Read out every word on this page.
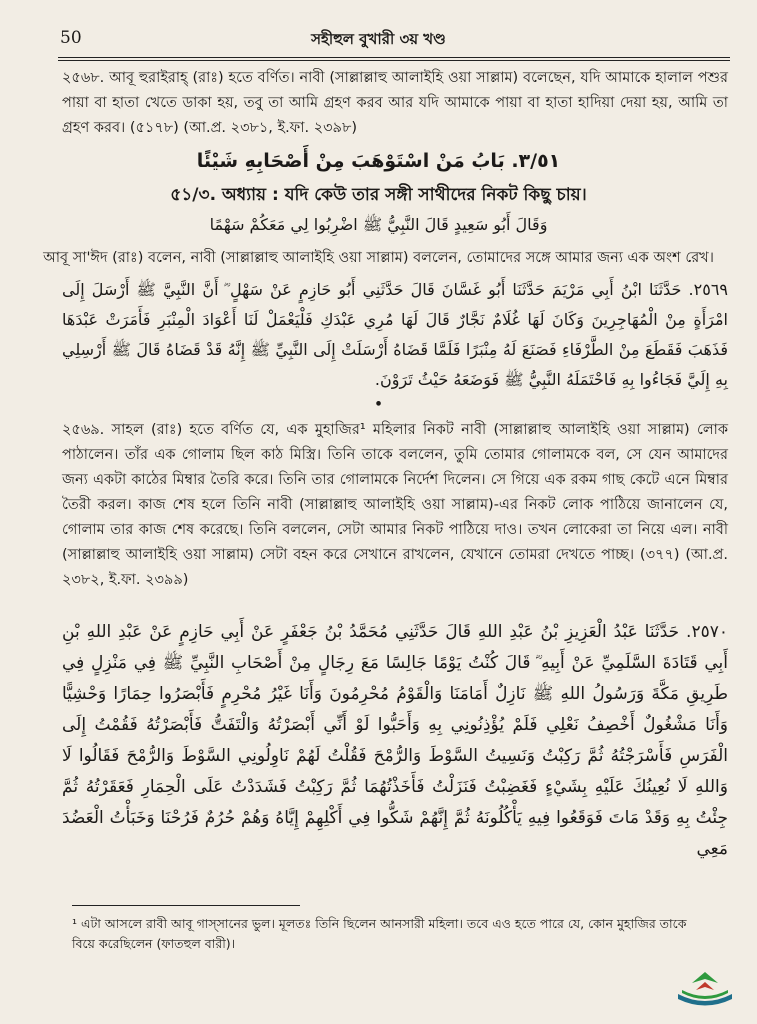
50	সহীহুল বুখারী ৩য় খণ্ড
২৫৬৮. আবূ হুরাইরাহ্ (রাঃ) হতে বর্ণিত। নাবী (সাল্লাল্লাহু আলাইহি ওয়া সাল্লাম) বলেছেন, যদি আমাকে হালাল পশুর পায়া বা হাতা খেতে ডাকা হয়, তবু তা আমি গ্রহণ করব আর যদি আমাকে পায়া বা হাতা হাদিয়া দেয়া হয়, আমি তা গ্রহণ করব। (৫১৭৮) (আ.প্র. ২৩৮১, ই.ফা. ২৩৯৮)
٣/٥١. بَابُ مَنْ اسْتَوْهَبَ مِنْ أَصْحَابِهِ شَيْئًا
৫১/৩. অধ্যায় : যদি কেউ তার সঙ্গী সাথীদের নিকট কিছু চায়।
وَقَالَ أَبُو سَعِيدٍ قَالَ النَّبِيُّ ﷺ اضْرِبُوا لِي مَعَكُمْ سَهْمًا
আবূ সা'ঈদ (রাঃ) বলেন, নাবী (সাল্লাল্লাহু আলাইহি ওয়া সাল্লাম) বললেন, তোমাদের সঙ্গে আমার জন্য এক অংশ রেখ।
٢٥٦٩. حَدَّثَنَا ابْنُ أَبِي مَرْيَمَ حَدَّثَنَا أَبُو غَسَّانَ قَالَ حَدَّثَنِي أَبُو حَازِمٍ عَنْ سَهْلٍ ؓ أَنَّ النَّبِيَّ ﷺ أَرْسَلَ إِلَى امْرَأَةٍ مِنْ الْمُهَاجِرِينَ وَكَانَ لَهَا غُلَامٌ نَجَّارٌ قَالَ لَهَا مُرِي عَبْدَكِ فَلْيَعْمَلْ لَنَا أَعْوَادَ الْمِنْبَرِ فَأَمَرَتْ عَبْدَهَا فَذَهَبَ فَقَطَعَ مِنْ الطَّرْفَاءِ فَصَنَعَ لَهُ مِنْبَرًا فَلَمَّا قَضَاهُ أَرْسَلَتْ إِلَى النَّبِيِّ ﷺ إِنَّهُ قَدْ قَضَاهُ قَالَ ﷺ أَرْسِلِي بِهِ إِلَيَّ فَجَاءُوا بِهِ فَاحْتَمَلَهُ النَّبِيُّ ﷺ فَوَضَعَهُ حَيْثُ تَرَوْنَ.
•
২৫৬৯. সাহল (রাঃ) হতে বর্ণিত যে, এক মুহাজির¹ মহিলার নিকট নাবী (সাল্লাল্লাহু আলাইহি ওয়া সাল্লাম) লোক পাঠালেন। তাঁর এক গোলাম ছিল কাঠ মিস্ত্রি। তিনি তাকে বললেন, তুমি তোমার গোলামকে বল, সে যেন আমাদের জন্য একটা কাঠের মিম্বার তৈরি করে। তিনি তার গোলামকে নির্দেশ দিলেন। সে গিয়ে এক রকম গাছ কেটে এনে মিম্বার তৈরী করল। কাজ শেষ হলে তিনি নাবী (সাল্লাল্লাহু আলাইহি ওয়া সাল্লাম)-এর নিকট লোক পাঠিয়ে জানালেন যে, গোলাম তার কাজ শেষ করেছে। তিনি বললেন, সেটা আমার নিকট পাঠিয়ে দাও। তখন লোকেরা তা নিয়ে এল। নাবী (সাল্লাল্লাহু আলাইহি ওয়া সাল্লাম) সেটা বহন করে সেখানে রাখলেন, যেখানে তোমরা দেখতে পাচ্ছ। (৩৭৭) (আ.প্র. ২৩৮২, ই.ফা. ২৩৯৯)
٢٥٧٠. حَدَّثَنَا عَبْدُ الْعَزِيزِ بْنُ عَبْدِ اللهِ قَالَ حَدَّثَنِي مُحَمَّدُ بْنُ جَعْفَرٍ عَنْ أَبِي حَازِمٍ عَنْ عَبْدِ اللهِ بْنِ أَبِي قَتَادَةَ السَّلَمِيِّ عَنْ أَبِيهِ ؓ قَالَ كُنْتُ يَوْمًا جَالِسًا مَعَ رِجَالٍ مِنْ أَصْحَابِ النَّبِيِّ ﷺ فِي مَنْزِلٍ فِي طَرِيقِ مَكَّةَ وَرَسُولُ اللهِ ﷺ نَازِلٌ أَمَامَنَا وَالْقَوْمُ مُحْرِمُونَ وَأَنَا غَيْرُ مُحْرِمٍ فَأَبْصَرُوا حِمَارًا وَحْشِيًّا وَأَنَا مَشْغُولٌ أَخْصِفُ نَعْلِي فَلَمْ يُؤْذِنُونِي بِهِ وَأَحَبُّوا لَوْ أَنِّي أَبْصَرْتُهُ وَالْتَفَتُّ فَأَبْصَرْتُهُ فَقُمْتُ إِلَى الْفَرَسِ فَأَسْرَجْتُهُ ثُمَّ رَكِبْتُ وَنَسِيتُ السَّوْطَ وَالرُّمْحَ فَقُلْتُ لَهُمْ نَاوِلُونِي السَّوْطَ وَالرُّمْحَ فَقَالُوا لَا وَاللهِ لَا نُعِينُكَ عَلَيْهِ بِشَيْءٍ فَغَضِبْتُ فَنَزَلْتُ فَأَخَذْتُهُمَا ثُمَّ رَكِبْتُ فَشَدَدْتُ عَلَى الْحِمَارِ فَعَقَرْتُهُ ثُمَّ جِئْتُ بِهِ وَقَدْ مَاتَ فَوَقَعُوا فِيهِ يَأْكُلُونَهُ ثُمَّ إِنَّهُمْ شَكُّوا فِي أَكْلِهِمْ إِيَّاهُ وَهُمْ حُرُمٌ فَرُحْنَا وَخَبَأْتُ الْعَضُدَ مَعِي
¹ এটা আসলে রাবী আবূ গাস্সানের ভুল। মূলতঃ তিনি ছিলেন আনসারী মহিলা। তবে এও হতে পারে যে, কোন মুহাজির তাকে বিয়ে করেছিলেন (ফাতহুল বারী)।
